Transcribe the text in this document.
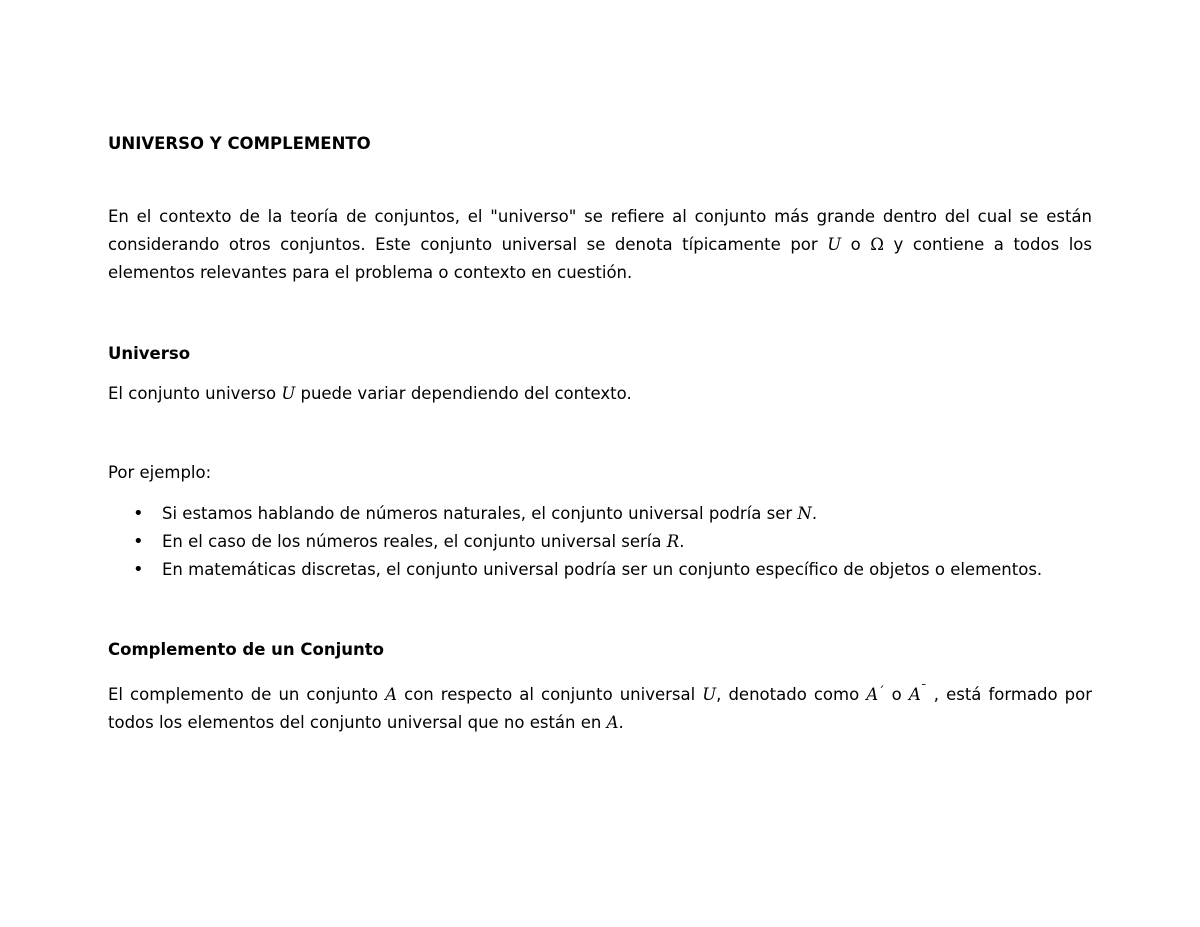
UNIVERSO Y COMPLEMENTO

En el contexto de la teoría de conjuntos, el "universo" se refiere al conjunto más grande dentro del cual se están considerando otros conjuntos. Este conjunto universal se denota típicamente por U o Ω y contiene a todos los elementos relevantes para el problema o contexto en cuestión.

Universo

El conjunto universo U puede variar dependiendo del contexto.

Por ejemplo:

• Si estamos hablando de números naturales, el conjunto universal podría ser N.
• En el caso de los números reales, el conjunto universal sería R.
• En matemáticas discretas, el conjunto universal podría ser un conjunto específico de objetos o elementos.

Complemento de un Conjunto

El complemento de un conjunto A con respecto al conjunto universal U, denotado como A´ o A¯ , está formado por todos los elementos del conjunto universal que no están en A.
